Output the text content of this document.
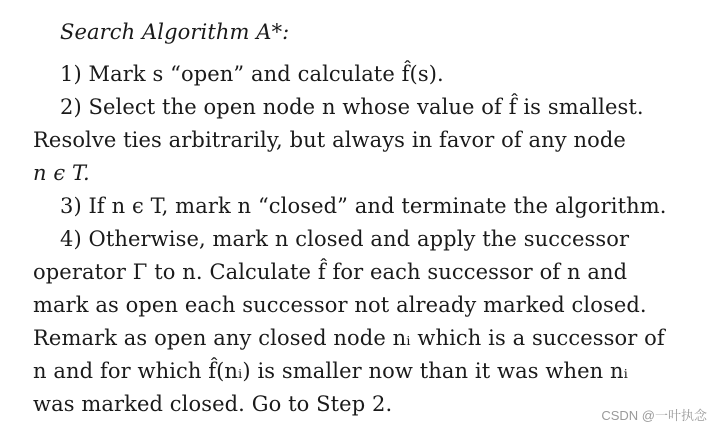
Search Algorithm A*:
1) Mark s “open” and calculate f̂(s).
2) Select the open node n whose value of f̂ is smallest.
Resolve ties arbitrarily, but always in favor of any node
n ϵ T.
3) If n ϵ T, mark n “closed” and terminate the algorithm.
4) Otherwise, mark n closed and apply the successor
operator Γ to n. Calculate f̂ for each successor of n and
mark as open each successor not already marked closed.
Remark as open any closed node nᵢ which is a successor of
n and for which f̂(nᵢ) is smaller now than it was when nᵢ
was marked closed. Go to Step 2.	CSDN @一叶执念
